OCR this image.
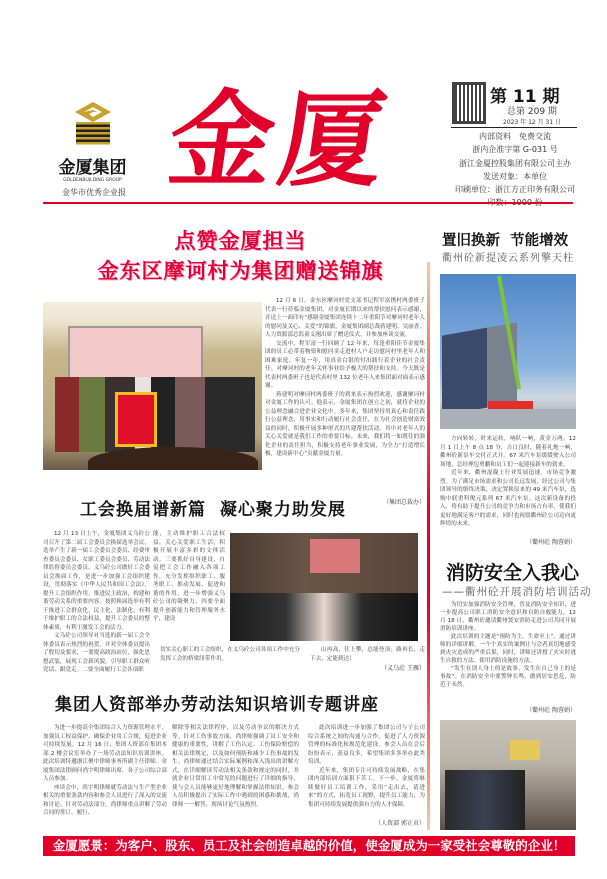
金厦集团
GOLDENBUILDING GROUP
金华市优秀企业报 金厦	第 11 期
总第 209 期
2023 年 12 月 31 日
内部资料　免费交流
浙内企准字第 G-031 号
浙江金厦控股集团有限公司主办
发送对象：本单位
印刷单位：浙江方正印务有限公司
点赞金厦担当
金东区摩诃村为集团赠送锦旗

12 月 6 日，金东区摩诃村党支部书记程军富携村两委班子代表一行莅临金厦集团，对金厦长期以来的帮扶慰问表示感谢，并送上一面印有“感谢金厦集团连续十二年重阳节对摩诃村老年人的慰问及关心、关爱”的锦旗。金厦集团副总裁蒋建明、吴丽香，人力资源部总监童义刚出席了赠送仪式，并参加座谈交流。

交流中，程军富一行回顾了 12 年来，每逢重阳佳节金厦集团的员工必带着物资和慰问金走进村人户走访慰问村里老年人和困难家庭。年复一年，用真金白银的付出践行着企业的社会责任。对摩诃村的老年关怀事业给予极大的帮扶和支持。今天既是代表村两委班子也是代表村里 132 位老年人来集团面对面表示感谢。

蒋建明对摩诃村两委班子的到来表示热烈欢迎，感谢摩诃村对金厦工作的认可。他表示，金厦集团在创立之初，就将企业的公益理念融合进企业文化中。多年来，集团坚持用真心和责任践行公益理念，用事实和行动履行社会责任，在为社会创造财富效益的同时，积极开展多种形式的共建帮扶活动。其中对老年人的关心关爱就是我们工作的重要目标。未来，我们将一如既往的强化企业的责任担当，积极支持老年事业发展，为全力“打造增长极，建设新中心”贡献金厦力量。

（集团总裁办）
工会换届谱新篇  凝心聚力助发展

12 月 13 日上午，金厦集团义乌砼公司召开了第二届工会委员会换届选举会议，选举产生了新一届工会委员会委员、经费审查委员会委员、女职工委员会委员、劳动法律监督委员会委员。义乌砼公司做好工会委员会换届工作，是进一步加强工会组织建设，贯彻落实《中华人民共和国工会法》，提升工会组织作用，推进民主政治，构建和谐劳动关系的重要内容。按照换届选举有利于推进工会群众化、民主化、法制化，有利于维护职工的合法权益，提升工会委员的整体素质，有利于激发工会的活力。

义乌砼公司领导对当选的新一届工会全体委员表示热烈的祝贺，并对全体委员提出了殷切及要求，一要提高政治站位，强化思想武装，展现工会新风貌，引导职工群众听党话、跟党走。二要全面履行工会各项职

能，主动维护职工合法权益，关心关爱职工生活，积极开展丰富多彩的文体活动。三要抓好自身建设，自觉把工会工作融入各项工作，充分发挥组织职工、服务职工、推动发展、促进和谐的作用，进一步增强义乌砼公司的凝聚力。四要全面提升创新能力和管理服务水平，建设
切实关心职工的工会组织，在义乌砼公司各项工作中充分发挥工会的桥梁纽带作用。
山再高，往上攀，总能登顶；路再长，走下去，定能到达！
（义乌砼 王雁）
集团人资部举办劳动法知识培训专题讲座

为进一步提高全集团综合人力资源管理水平，加强员工权益保护，确保企业用工合规，促进企业可持续发展。12 月 16 日，集团人资部在集团本部 2 楼会议室举办了一场劳动法知识培训讲座。此次培训特邀浙江聚中律师事务所副主任律师、金厦集团法律顾问尚宇明律师出席，各子公司综合部人员参加。

座谈会中，尚宇明律师就劳动法与生产型企业相关的重要条款内容和参会人员进行了深入的交流和讨论。针对劳动法部分，尚律师重点讲解了劳动合同的签订、履行、

解除等相关法律程序，以及劳动争议的解决方式等。针对工伤事故方面，尚律师强调了员工安全和健康的重要性，讲解了工伤认定、工伤保险赔偿的相关法律规定，以及如何预防和减少工伤事故的发生。尚律师通过结合实际案例和深入浅出的讲解方式，在详细解读劳动法相关条款和规定的同时，并就企业日常用工中常见的问题进行了详细的指导，使与会人员能够更好地理解和掌握法律知识。参会人员积极提出了实际工作中遇到的困惑和挑战，尚律师一一解答，现场讨论气氛热烈。

此次培训进一步加强了集团公司与子公司综合系统之间的沟通与合作，促进了人力资源管理的标准化和规范化建设。参会人员在会后纷纷表示，获益良多，希望集团多多举办此类培训。

近年来，集团专注可持续发展战略，在集团内部培训方面狠下苦工。下一步，金厦将继续做好员工培训工作，采用“走出去，请进来”的方式，拓宽员工视野，提升员工能力，为集团可持续发展提供强有力的人才保障。

（人资部 郭正贞）
置旧换新  节能增效
衢州砼新提凌云系列擎天柱

方向转转，时来运转，响队一响，黄金万两。12 月 1 日上午 8 点 18 分，吉日良时，随着礼炮一响，衢州砼新泵车交付正式开。67 米汽车泵缓缓驶入公司场地，总经理包勇鹏和员工们一起迎接新车的到来。

近年来，衢州混凝土行业发展迅速，市场竞争激烈。为了满足市场需求和公司长远发展，经过公司与集团领导的慎终决策，决定置换原来的 49 米汽车泵，选购中联重科俊元系列 67 米汽车泵。这次新设备的投入，将有助于提升公司的竞争力和市场占有率，使我们更好地满足客户的需求，同时也祝愿衢州砼公司迈向更辉煌的未来。

（衢州砼 陶蓉娟）
消防安全入我心
——衢州砼开展消防培训活动

为切实加强消防安全管理，普及消防安全知识，进一步提高公司职工消防安全意识和自防自救能力，12 月 18 日，衢州砼邀请衢州贤安消防走进公司共同开展消防培训讲座。

此次培训的主题是“预防为主，生命至上”。通过讲师的详细讲解，一个个真实的案例让与会者真切地感受到火灾造成的严重后果，同时，讲师还讲授了火灾时逃生自救的方法、使用消防设施的方法。

“发生在别人身上的是故事，发生在自己身上的是事故”。在消防安全中要警钟长鸣，做到居安思危，防范于未然。

（衢州砼 陶蓉娟）
金厦愿景：为客户、股东、员工及社会创造卓越的价值，使金厦成为一家受社会尊敬的企业！
